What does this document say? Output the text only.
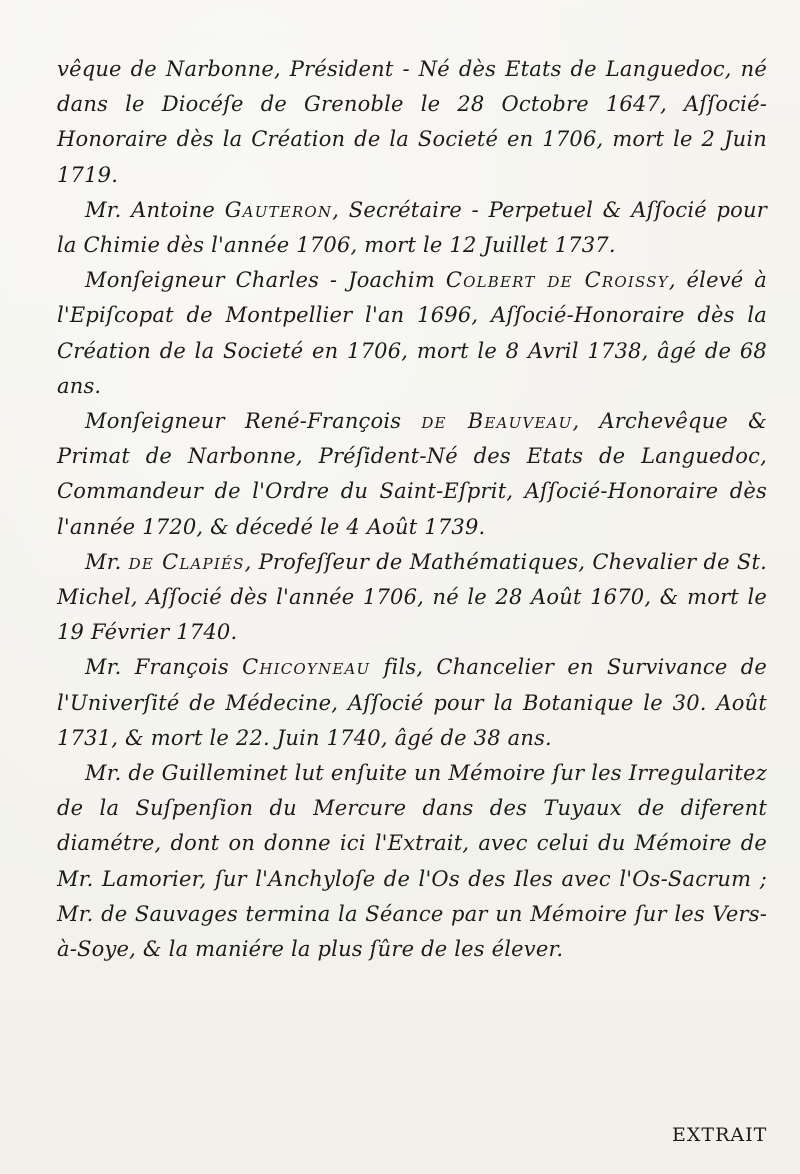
vêque de Narbonne, Président - Né dès Etats de Languedoc, né dans le Diocéſe de Grenoble le 28 Octobre 1647, Aſſocié-Honoraire dès la Création de la Societé en 1706, mort le 2 Juin 1719.

Mr. Antoine Gauteron, Secrétaire - Perpetuel & Aſſocié pour la Chimie dès l'année 1706, mort le 12 Juillet 1737.

Monſeigneur Charles - Joachim Colbert de Croissy, élevé à l'Epiſcopat de Montpellier l'an 1696, Aſſocié-Honoraire dès la Création de la Societé en 1706, mort le 8 Avril 1738, âgé de 68 ans.

Monſeigneur René-François de Beauveau, Archevêque & Primat de Narbonne, Préſident-Né des Etats de Languedoc, Commandeur de l'Ordre du Saint-Eſprit, Aſſocié-Honoraire dès l'année 1720, & décedé le 4 Août 1739.

Mr. de Clapiés, Profeſſeur de Mathématiques, Chevalier de St. Michel, Aſſocié dès l'année 1706, né le 28 Août 1670, & mort le 19 Février 1740.

Mr. François Chicoyneau fils, Chancelier en Survivance de l'Univerſité de Médecine, Aſſocié pour la Botanique le 30. Août 1731, & mort le 22. Juin 1740, âgé de 38 ans.

Mr. de Guilleminet lut enſuite un Mémoire ſur les Irregularitez de la Suſpenſion du Mercure dans des Tuyaux de diferent diamétre, dont on donne ici l'Extrait, avec celui du Mémoire de Mr. Lamorier, ſur l'Anchyloſe de l'Os des Iles avec l'Os-Sacrum ; Mr. de Sauvages termina la Séance par un Mémoire ſur les Vers-à-Soye, & la maniére la plus ſûre de les élever.

EXTRAIT
